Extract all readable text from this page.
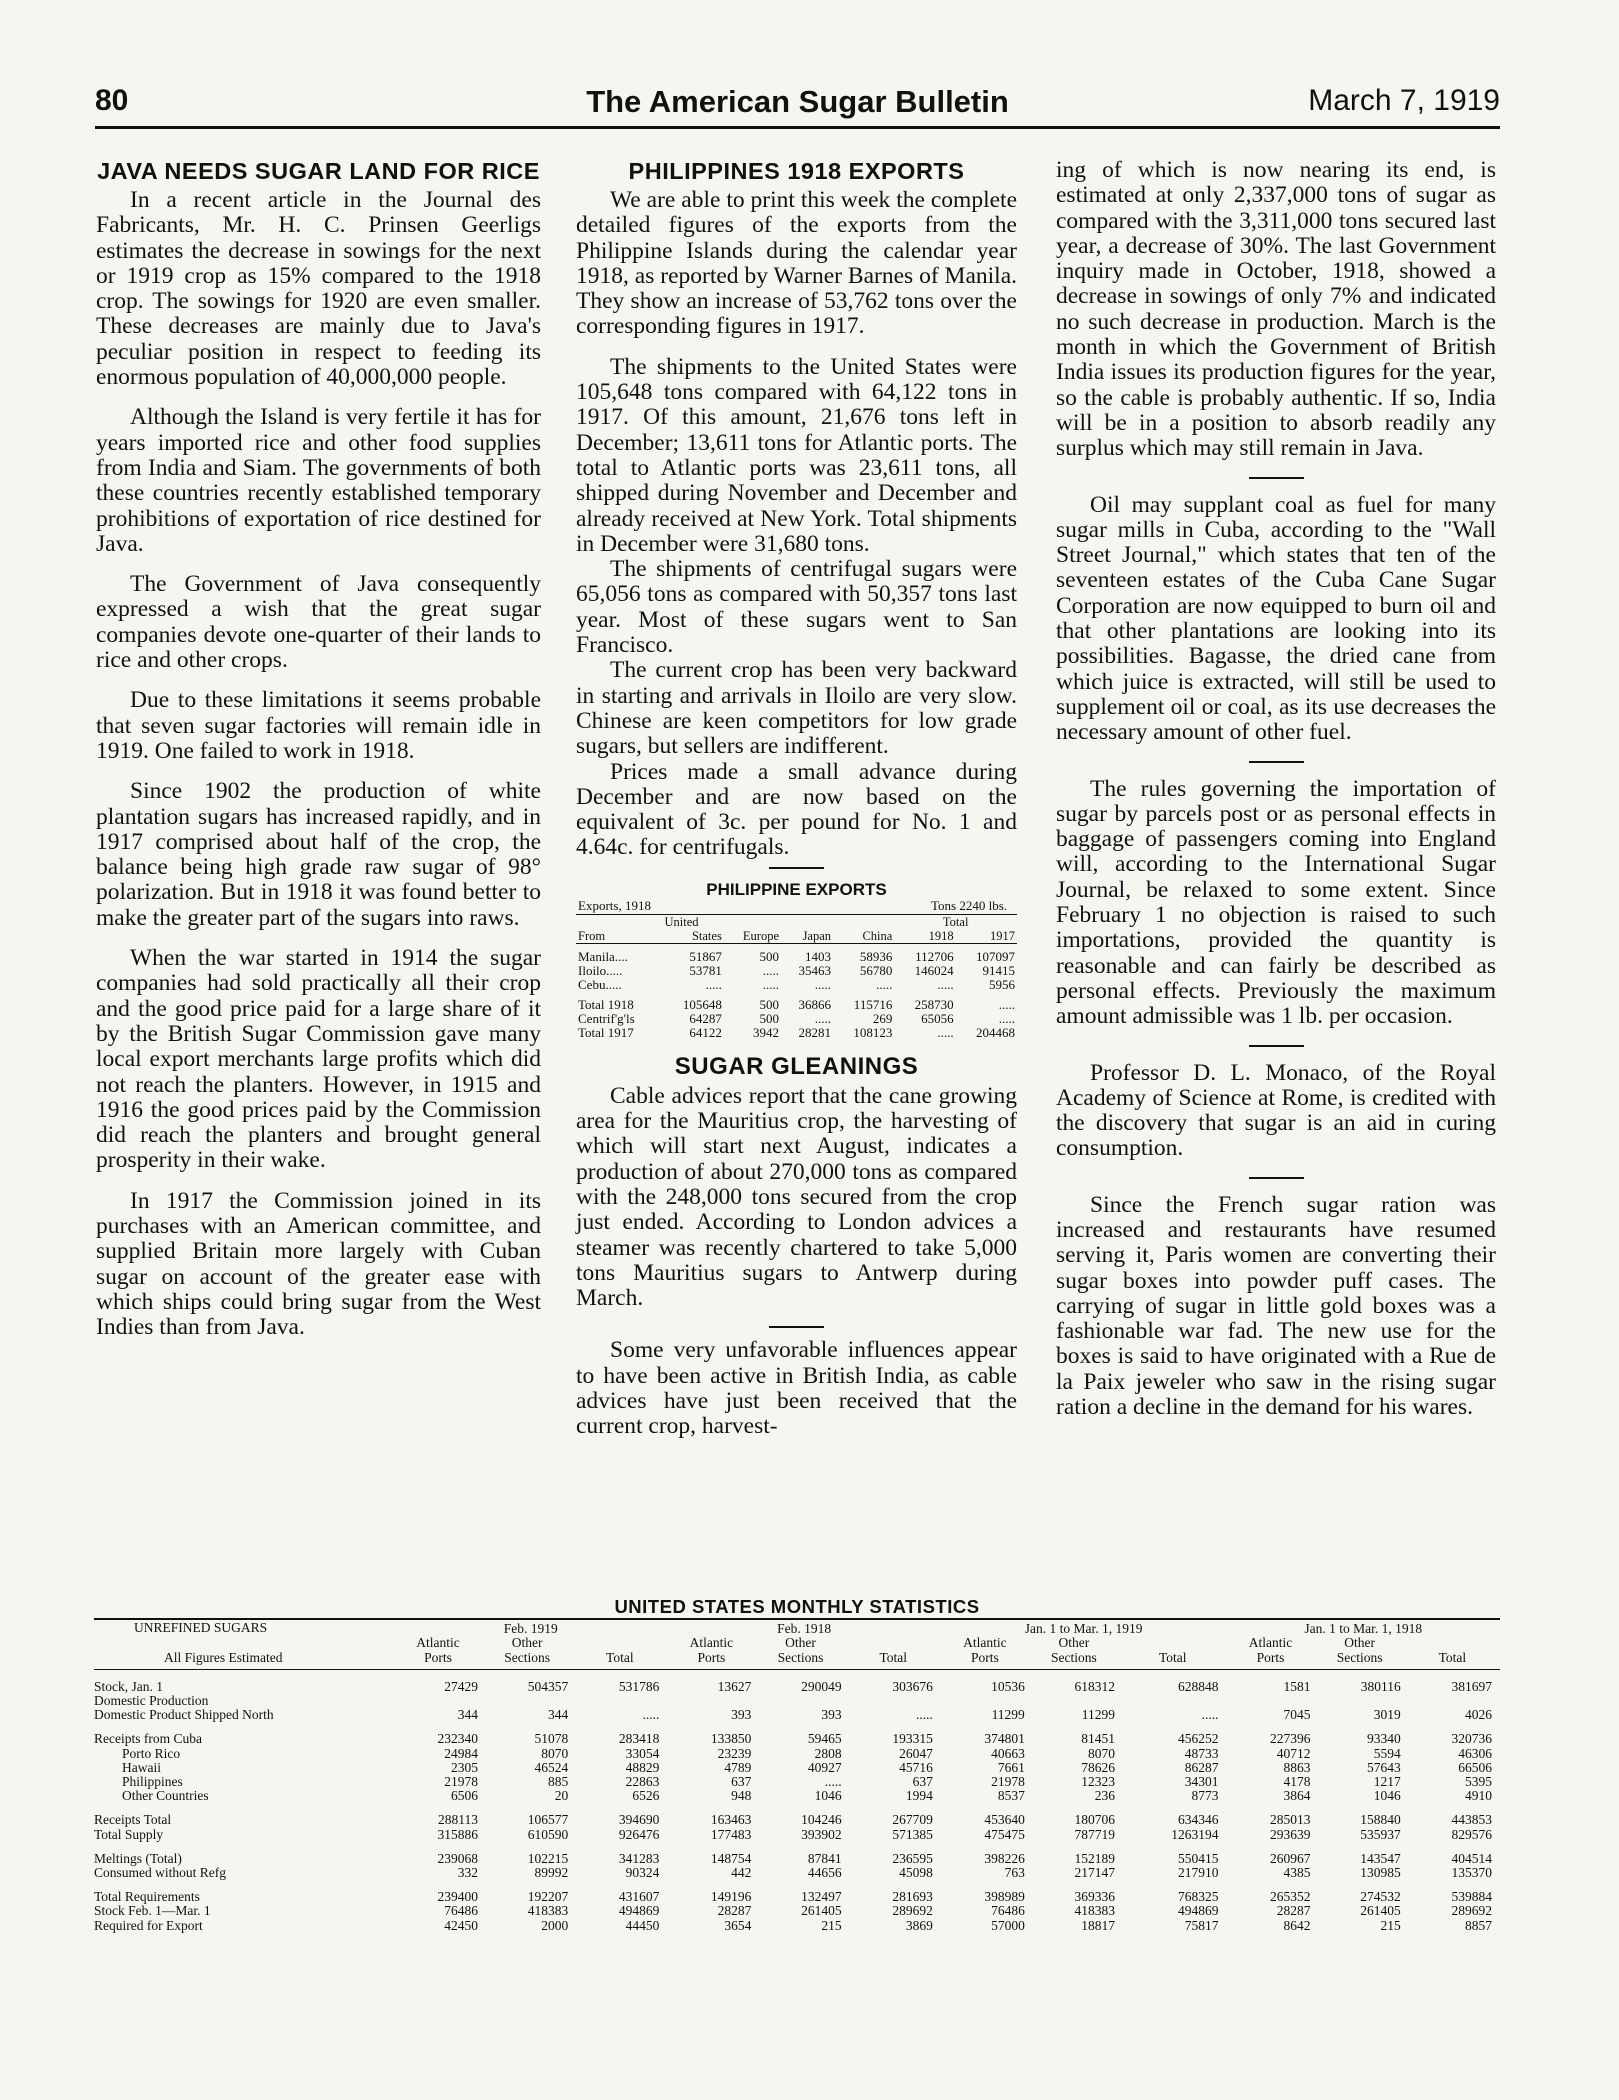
80	The American Sugar Bulletin	March 7, 1919
JAVA NEEDS SUGAR LAND FOR RICE

In a recent article in the Journal des Fabricants, Mr. H. C. Prinsen Geerligs estimates the decrease in sowings for the next or 1919 crop as 15% compared to the 1918 crop. The sowings for 1920 are even smaller. These decreases are mainly due to Java's peculiar position in respect to feeding its enormous population of 40,000,000 people.

Although the Island is very fertile it has for years imported rice and other food supplies from India and Siam. The governments of both these countries recently established temporary prohibitions of exportation of rice destined for Java.

The Government of Java consequently expressed a wish that the great sugar companies devote one-quarter of their lands to rice and other crops.

Due to these limitations it seems probable that seven sugar factories will remain idle in 1919. One failed to work in 1918.

Since 1902 the production of white plantation sugars has increased rapidly, and in 1917 comprised about half of the crop, the balance being high grade raw sugar of 98° polarization. But in 1918 it was found better to make the greater part of the sugars into raws.

When the war started in 1914 the sugar companies had sold practically all their crop and the good price paid for a large share of it by the British Sugar Commission gave many local export merchants large profits which did not reach the planters. However, in 1915 and 1916 the good prices paid by the Commission did reach the planters and brought general prosperity in their wake.

In 1917 the Commission joined in its purchases with an American committee, and supplied Britain more largely with Cuban sugar on account of the greater ease with which ships could bring sugar from the West Indies than from Java.

PHILIPPINES 1918 EXPORTS

We are able to print this week the complete detailed figures of the exports from the Philippine Islands during the calendar year 1918, as reported by Warner Barnes of Manila. They show an increase of 53,762 tons over the corresponding figures in 1917.

The shipments to the United States were 105,648 tons compared with 64,122 tons in 1917. Of this amount, 21,676 tons left in December; 13,611 tons for Atlantic ports. The total to Atlantic ports was 23,611 tons, all shipped during November and December and already received at New York. Total shipments in December were 31,680 tons.

The shipments of centrifugal sugars were 65,056 tons as compared with 50,357 tons last year. Most of these sugars went to San Francisco.

The current crop has been very backward in starting and arrivals in Iloilo are very slow. Chinese are keen competitors for low grade sugars, but sellers are indifferent.

Prices made a small advance during December and are now based on the equivalent of 3c. per pound for No. 1 and 4.64c. for centrifugals.

PHILIPPINE EXPORTS
Exports, 1918	Tons 2240 lbs.
	United				Total	
From	States	Europe	Japan	China	1918	1917
Manila....	51867	500	1403	58936	112706	107097
Iloilo.....	53781	.....	35463	56780	146024	91415
Cebu.....	.....	.....	.....	.....	.....	5956
Total 1918	105648	500	36866	115716	258730	.....
Centrif'g'ls	64287	500	.....	269	65056	.....
Total 1917	64122	3942	28281	108123	.....	204468
SUGAR GLEANINGS

Cable advices report that the cane growing area for the Mauritius crop, the harvesting of which will start next August, indicates a production of about 270,000 tons as compared with the 248,000 tons secured from the crop just ended. According to London advices a steamer was recently chartered to take 5,000 tons Mauritius sugars to Antwerp during March.

Some very unfavorable influences appear to have been active in British India, as cable advices have just been received that the current crop, harvest-

ing of which is now nearing its end, is estimated at only 2,337,000 tons of sugar as compared with the 3,311,000 tons secured last year, a decrease of 30%. The last Government inquiry made in October, 1918, showed a decrease in sowings of only 7% and indicated no such decrease in production. March is the month in which the Government of British India issues its production figures for the year, so the cable is probably authentic. If so, India will be in a position to absorb readily any surplus which may still remain in Java.

Oil may supplant coal as fuel for many sugar mills in Cuba, according to the "Wall Street Journal," which states that ten of the seventeen estates of the Cuba Cane Sugar Corporation are now equipped to burn oil and that other plantations are looking into its possibilities. Bagasse, the dried cane from which juice is extracted, will still be used to supplement oil or coal, as its use decreases the necessary amount of other fuel.

The rules governing the importation of sugar by parcels post or as personal effects in baggage of passengers coming into England will, according to the International Sugar Journal, be relaxed to some extent. Since February 1 no objection is raised to such importations, provided the quantity is reasonable and can fairly be described as personal effects. Previously the maximum amount admissible was 1 lb. per occasion.

Professor D. L. Monaco, of the Royal Academy of Science at Rome, is credited with the discovery that sugar is an aid in curing consumption.

Since the French sugar ration was increased and restaurants have resumed serving it, Paris women are converting their sugar boxes into powder puff cases. The carrying of sugar in little gold boxes was a fashionable war fad. The new use for the boxes is said to have originated with a Rue de la Paix jeweler who saw in the rising sugar ration a decline in the demand for his wares.

UNITED STATES MONTHLY STATISTICS
UNREFINED SUGARS	Feb. 1919			Feb. 1918			Jan. 1 to Mar. 1, 1919			Jan. 1 to Mar. 1, 1918		
	Atlantic	Other		Atlantic	Other		Atlantic	Other		Atlantic	Other	
All Figures Estimated	Ports	Sections	Total	Ports	Sections	Total	Ports	Sections	Total	Ports	Sections	Total
Stock, Jan. 1	27429	504357	531786	13627	290049	303676	10536	618312	628848	1581	380116	381697
Domestic Production												
Domestic Product Shipped North	344	344	.....	393	393	.....	11299	11299	.....	7045	3019	4026
Receipts from Cuba	232340	51078	283418	133850	59465	193315	374801	81451	456252	227396	93340	320736
Porto Rico	24984	8070	33054	23239	2808	26047	40663	8070	48733	40712	5594	46306
Hawaii	2305	46524	48829	4789	40927	45716	7661	78626	86287	8863	57643	66506
Philippines	21978	885	22863	637	.....	637	21978	12323	34301	4178	1217	5395
Other Countries	6506	20	6526	948	1046	1994	8537	236	8773	3864	1046	4910
Receipts Total	288113	106577	394690	163463	104246	267709	453640	180706	634346	285013	158840	443853
Total Supply	315886	610590	926476	177483	393902	571385	475475	787719	1263194	293639	535937	829576
Meltings (Total)	239068	102215	341283	148754	87841	236595	398226	152189	550415	260967	143547	404514
Consumed without Refg	332	89992	90324	442	44656	45098	763	217147	217910	4385	130985	135370
Total Requirements	239400	192207	431607	149196	132497	281693	398989	369336	768325	265352	274532	539884
Stock Feb. 1—Mar. 1	76486	418383	494869	28287	261405	289692	76486	418383	494869	28287	261405	289692
Required for Export	42450	2000	44450	3654	215	3869	57000	18817	75817	8642	215	8857
